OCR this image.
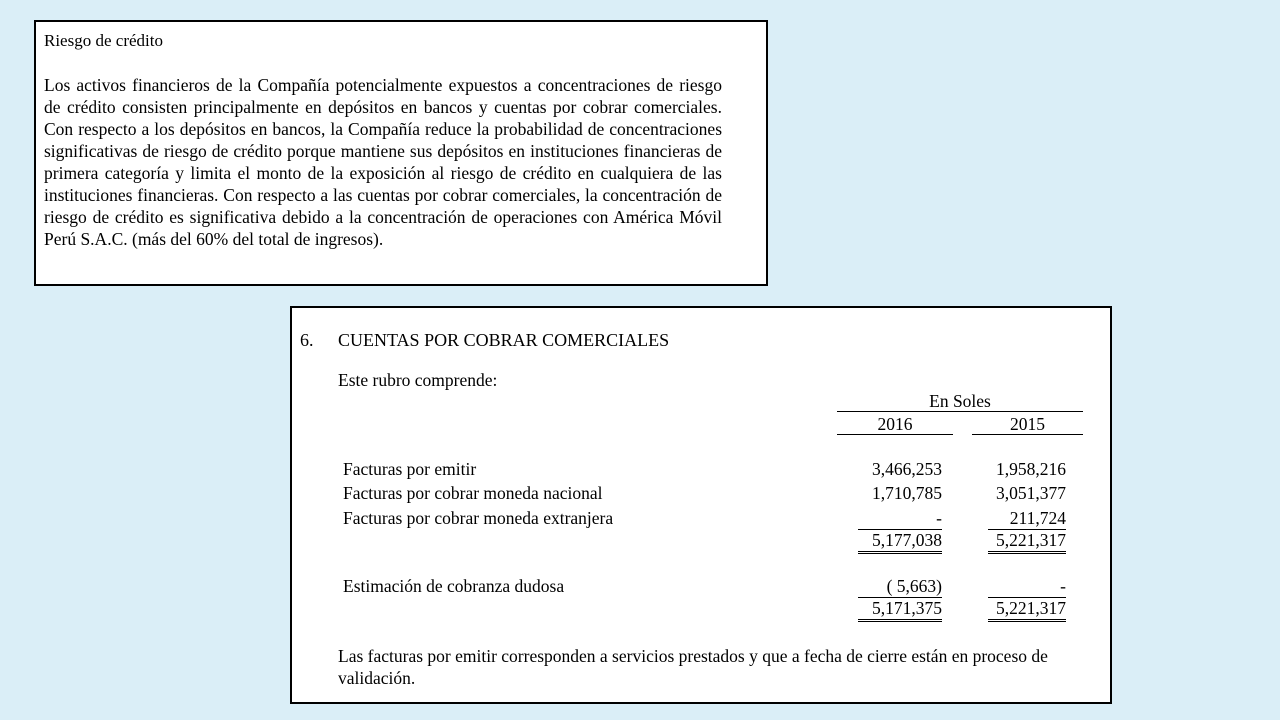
Riesgo de crédito
Los activos financieros de la Compañía potencialmente expuestos a concentraciones de riesgo de crédito consisten principalmente en depósitos en bancos y cuentas por cobrar comerciales. Con respecto a los depósitos en bancos, la Compañía reduce la probabilidad de concentraciones significativas de riesgo de crédito porque mantiene sus depósitos en instituciones financieras de primera categoría y limita el monto de la exposición al riesgo de crédito en cualquiera de las instituciones financieras. Con respecto a las cuentas por cobrar comerciales, la concentración de riesgo de crédito es significativa debido a la concentración de operaciones con América Móvil Perú S.A.C. (más del 60% del total de ingresos).
6. CUENTAS POR COBRAR COMERCIALES
Este rubro comprende:
En Soles
2016	2015
Facturas por emitir	3,466,253	1,958,216
Facturas por cobrar moneda nacional	1,710,785	3,051,377
Facturas por cobrar moneda extranjera	-	211,724
5,177,038	5,221,317
Estimación de cobranza dudosa	( 5,663)	-
5,171,375	5,221,317
Las facturas por emitir corresponden a servicios prestados y que a fecha de cierre están en proceso de validación.
